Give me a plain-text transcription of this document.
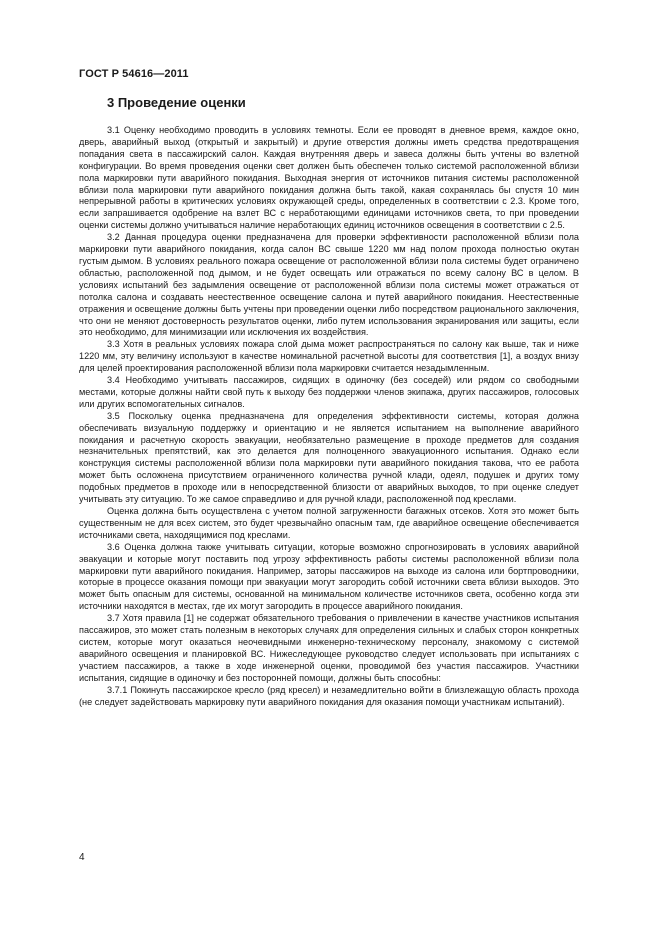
ГОСТ Р 54616—2011
3 Проведение оценки

3.1 Оценку необходимо проводить в условиях темноты. Если ее проводят в дневное время, каждое окно, дверь, аварийный выход (открытый и закрытый) и другие отверстия должны иметь средства предотвращения попадания света в пассажирский салон. Каждая внутренняя дверь и завеса должны быть учтены во взлетной конфигурации. Во время проведения оценки свет должен быть обеспечен только системой расположенной вблизи пола маркировки пути аварийного покидания. Выходная энергия от источников питания системы расположенной вблизи пола маркировки пути аварийного покидания должна быть такой, какая сохранялась бы спустя 10 мин непрерывной работы в критических условиях окружающей среды, определенных в соответствии с 2.3. Кроме того, если запрашивается одобрение на взлет ВС с неработающими единицами источников света, то при проведении оценки системы должно учитываться наличие неработающих единиц источников освещения в соответствии с 2.5.

3.2 Данная процедура оценки предназначена для проверки эффективности расположенной вблизи пола маркировки пути аварийного покидания, когда салон ВС свыше 1220 мм над полом прохода полностью окутан густым дымом. В условиях реального пожара освещение от расположенной вблизи пола системы будет ограничено областью, расположенной под дымом, и не будет освещать или отражаться по всему салону ВС в целом. В условиях испытаний без задымления освещение от расположенной вблизи пола системы может отражаться от потолка салона и создавать неестественное освещение салона и путей аварийного покидания. Неестественные отражения и освещение должны быть учтены при проведении оценки либо посредством рационального заключения, что они не меняют достоверность результатов оценки, либо путем использования экранирования или защиты, если это необходимо, для минимизации или исключения их воздействия.

3.3 Хотя в реальных условиях пожара слой дыма может распространяться по салону как выше, так и ниже 1220 мм, эту величину используют в качестве номинальной расчетной высоты для соответствия [1], а воздух внизу для целей проектирования расположенной вблизи пола маркировки считается незадымленным.

3.4 Необходимо учитывать пассажиров, сидящих в одиночку (без соседей) или рядом со свободными местами, которые должны найти свой путь к выходу без поддержки членов экипажа, других пассажиров, голосовых или других вспомогательных сигналов.

3.5 Поскольку оценка предназначена для определения эффективности системы, которая должна обеспечивать визуальную поддержку и ориентацию и не является испытанием на выполнение аварийного покидания и расчетную скорость эвакуации, необязательно размещение в проходе предметов для создания незначительных препятствий, как это делается для полноценного эвакуационного испытания. Однако если конструкция системы расположенной вблизи пола маркировки пути аварийного покидания такова, что ее работа может быть осложнена присутствием ограниченного количества ручной клади, одеял, подушек и других тому подобных предметов в проходе или в непосредственной близости от аварийных выходов, то при оценке следует учитывать эту ситуацию. То же самое справедливо и для ручной клади, расположенной под креслами.

Оценка должна быть осуществлена с учетом полной загруженности багажных отсеков. Хотя это может быть существенным не для всех систем, это будет чрезвычайно опасным там, где аварийное освещение обеспечивается источниками света, находящимися под креслами.

3.6 Оценка должна также учитывать ситуации, которые возможно спрогнозировать в условиях аварийной эвакуации и которые могут поставить под угрозу эффективность работы системы расположенной вблизи пола маркировки пути аварийного покидания. Например, заторы пассажиров на выходе из салона или бортпроводники, которые в процессе оказания помощи при эвакуации могут загородить собой источники света вблизи выходов. Это может быть опасным для системы, основанной на минимальном количестве источников света, особенно когда эти источники находятся в местах, где их могут загородить в процессе аварийного покидания.

3.7 Хотя правила [1] не содержат обязательного требования о привлечении в качестве участников испытания пассажиров, это может стать полезным в некоторых случаях для определения сильных и слабых сторон конкретных систем, которые могут оказаться неочевидными инженерно-техническому персоналу, знакомому с системой аварийного освещения и планировкой ВС. Нижеследующее руководство следует использовать при испытаниях с участием пассажиров, а также в ходе инженерной оценки, проводимой без участия пассажиров. Участники испытания, сидящие в одиночку и без посторонней помощи, должны быть способны:

3.7.1 Покинуть пассажирское кресло (ряд кресел) и незамедлительно войти в близлежащую область прохода (не следует задействовать маркировку пути аварийного покидания для оказания помощи участникам испытаний).

4
